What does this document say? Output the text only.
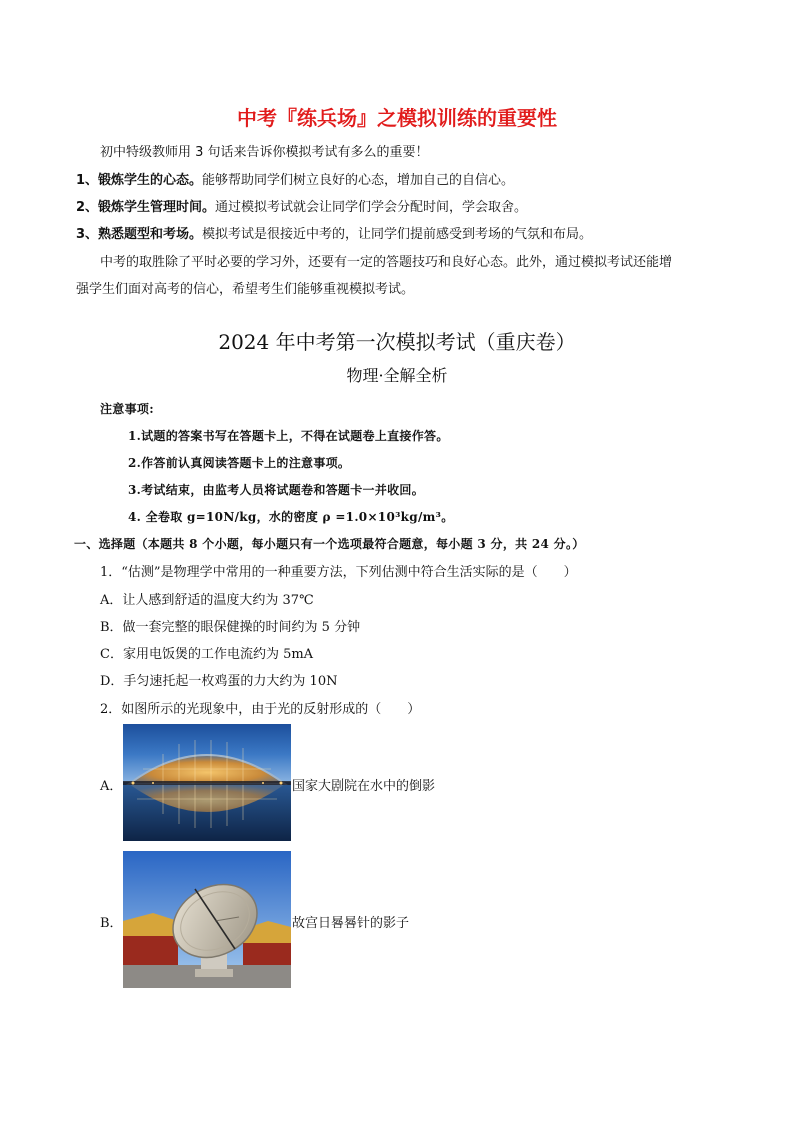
中考『练兵场』之模拟训练的重要性
初中特级教师用 3 句话来告诉你模拟考试有多么的重要！
1、锻炼学生的心态。能够帮助同学们树立良好的心态，增加自己的自信心。
2、锻炼学生管理时间。通过模拟考试就会让同学们学会分配时间，学会取舍。
3、熟悉题型和考场。模拟考试是很接近中考的，让同学们提前感受到考场的气氛和布局。
中考的取胜除了平时必要的学习外，还要有一定的答题技巧和良好心态。此外，通过模拟考试还能增
强学生们面对高考的信心，希望考生们能够重视模拟考试。
2024 年中考第一次模拟考试（重庆卷）
物理·全解全析
注意事项:
1.试题的答案书写在答题卡上，不得在试题卷上直接作答。
2.作答前认真阅读答题卡上的注意事项。
3.考试结束，由监考人员将试题卷和答题卡一并收回。
4. 全卷取 g=10N/kg，水的密度 ρ =1.0×10³kg/m³。
一、选择题（本题共 8 个小题，每小题只有一个选项最符合题意，每小题 3 分，共 24 分。）
1．“估测”是物理学中常用的一种重要方法，下列估测中符合生活实际的是（　　）
A．让人感到舒适的温度大约为 37℃
B．做一套完整的眼保健操的时间约为 5 分钟
C．家用电饭煲的工作电流约为 5mA
D．手匀速托起一枚鸡蛋的力大约为 10N
2．如图所示的光现象中，由于光的反射形成的（　　）
A．	国家大剧院在水中的倒影
B．	故宫日晷晷针的影子
